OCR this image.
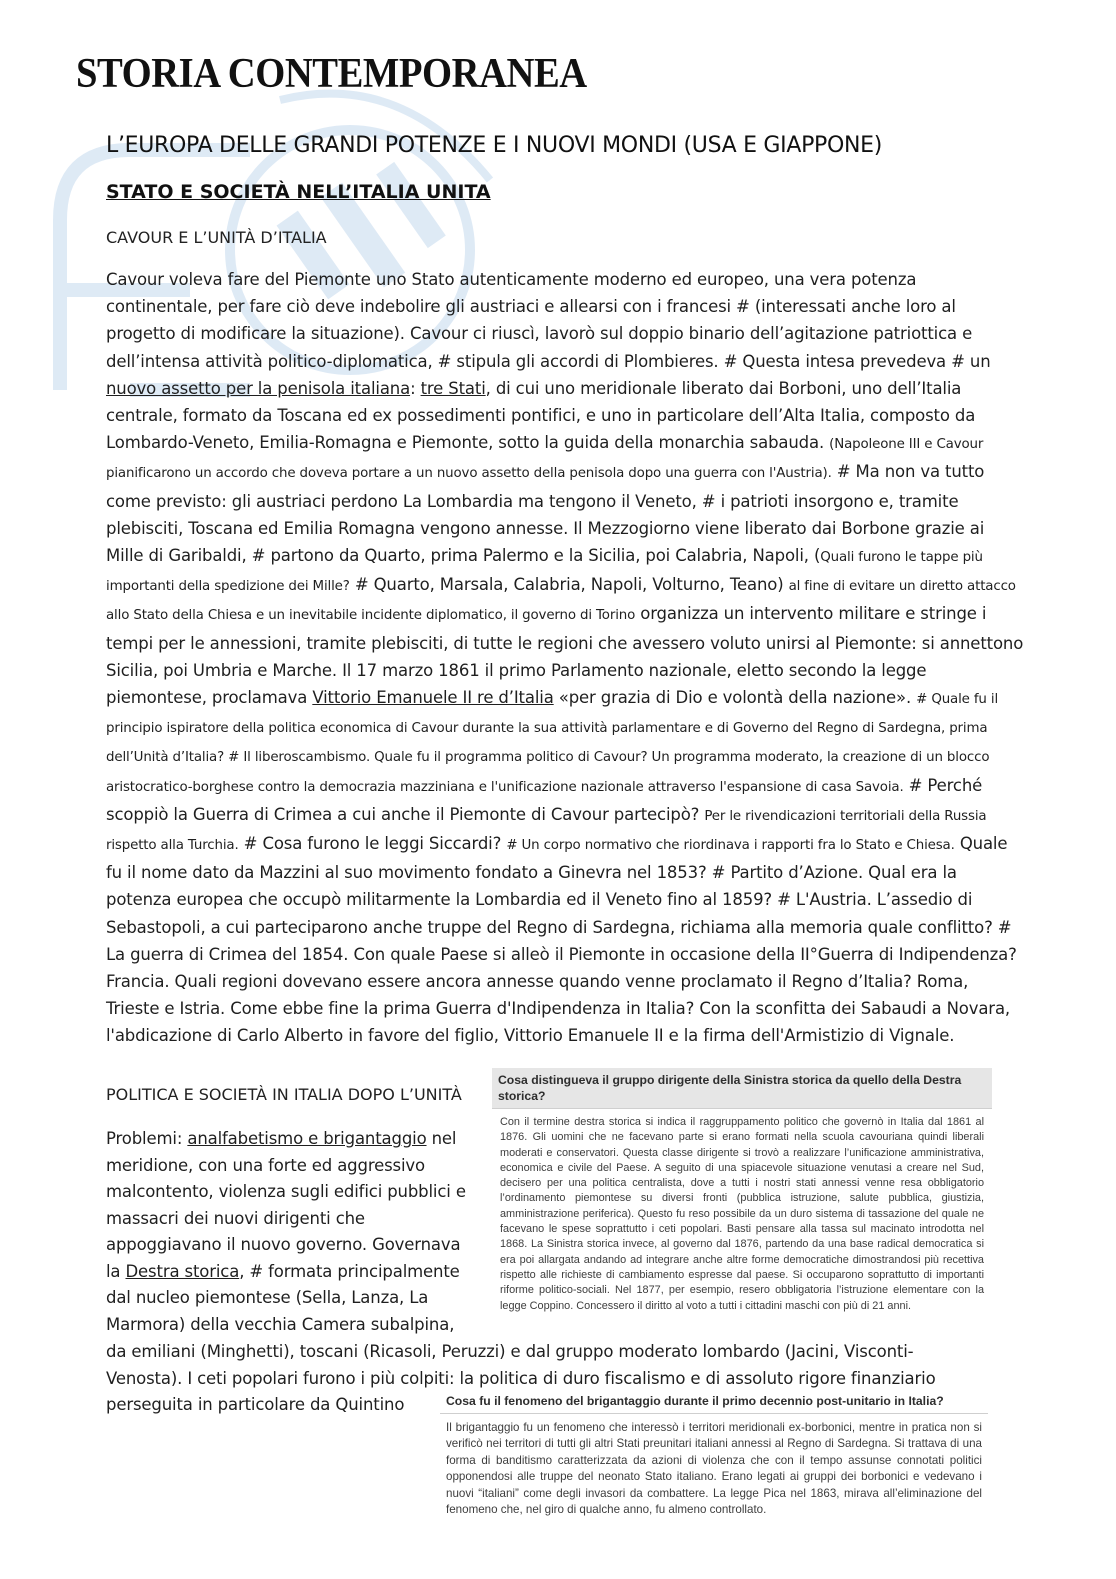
STORIA CONTEMPORANEA
L’EUROPA DELLE GRANDI POTENZE E I NUOVI MONDI (USA E GIAPPONE)
STATO E SOCIETÀ NELL’ITALIA UNITA
CAVOUR E L’UNITÀ D’ITALIA

Cavour voleva fare del Piemonte uno Stato autenticamente moderno ed europeo, una vera potenza continentale, per fare ciò deve indebolire gli austriaci e allearsi con i francesi # (interessati anche loro al progetto di modificare la situazione). Cavour ci riuscì, lavorò sul doppio binario dell’agitazione patriottica e dell’intensa attività politico-diplomatica, # stipula gli accordi di Plombieres. # Questa intesa prevedeva # un nuovo assetto per la penisola italiana: tre Stati, di cui uno meridionale liberato dai Borboni, uno dell’Italia centrale, formato da Toscana ed ex possedimenti pontifici, e uno in particolare dell’Alta Italia, composto da Lombardo-Veneto, Emilia-Romagna e Piemonte, sotto la guida della monarchia sabauda. (Napoleone III e Cavour pianificarono un accordo che doveva portare a un nuovo assetto della penisola dopo una guerra con l'Austria). # Ma non va tutto come previsto: gli austriaci perdono La Lombardia ma tengono il Veneto, # i patrioti insorgono e, tramite plebisciti, Toscana ed Emilia Romagna vengono annesse. Il Mezzogiorno viene liberato dai Borbone grazie ai Mille di Garibaldi, # partono da Quarto, prima Palermo e la Sicilia, poi Calabria, Napoli, (Quali furono le tappe più importanti della spedizione dei Mille? # Quarto, Marsala, Calabria, Napoli, Volturno, Teano) al fine di evitare un diretto attacco allo Stato della Chiesa e un inevitabile incidente diplomatico, il governo di Torino organizza un intervento militare e stringe i tempi per le annessioni, tramite plebisciti, di tutte le regioni che avessero voluto unirsi al Piemonte: si annettono Sicilia, poi Umbria e Marche. Il 17 marzo 1861 il primo Parlamento nazionale, eletto secondo la legge piemontese, proclamava Vittorio Emanuele II re d’Italia «per grazia di Dio e volontà della nazione». # Quale fu il principio ispiratore della politica economica di Cavour durante la sua attività parlamentare e di Governo del Regno di Sardegna, prima dell’Unità d’Italia? # Il liberoscambismo. Quale fu il programma politico di Cavour? Un programma moderato, la creazione di un blocco aristocratico-borghese contro la democrazia mazziniana e l'unificazione nazionale attraverso l'espansione di casa Savoia. # Perché scoppiò la Guerra di Crimea a cui anche il Piemonte di Cavour partecipò? Per le rivendicazioni territoriali della Russia rispetto alla Turchia. # Cosa furono le leggi Siccardi? # Un corpo normativo che riordinava i rapporti fra lo Stato e Chiesa. Quale fu il nome dato da Mazzini al suo movimento fondato a Ginevra nel 1853? # Partito d’Azione. Qual era la potenza europea che occupò militarmente la Lombardia ed il Veneto fino al 1859? # L'Austria. L’assedio di Sebastopoli, a cui parteciparono anche truppe del Regno di Sardegna, richiama alla memoria quale conflitto? # La guerra di Crimea del 1854. Con quale Paese si alleò il Piemonte in occasione della II°Guerra di Indipendenza? Francia. Quali regioni dovevano essere ancora annesse quando venne proclamato il Regno d’Italia? Roma, Trieste e Istria. Come ebbe fine la prima Guerra d'Indipendenza in Italia? Con la sconfitta dei Sabaudi a Novara, l'abdicazione di Carlo Alberto in favore del figlio, Vittorio Emanuele II e la firma dell'Armistizio di Vignale.

POLITICA E SOCIETÀ IN ITALIA DOPO L’UNITÀ

Problemi: analfabetismo e brigantaggio nel meridione, con una forte ed aggressivo malcontento, violenza sugli edifici pubblici e massacri dei nuovi dirigenti che appoggiavano il nuovo governo. Governava la Destra storica, # formata principalmente dal nucleo piemontese (Sella, Lanza, La Marmora) della vecchia Camera subalpina,

da emiliani (Minghetti), toscani (Ricasoli, Peruzzi) e dal gruppo moderato lombardo (Jacini, Visconti-Venosta). I ceti popolari furono i più colpiti: la politica di duro fiscalismo e di assoluto rigore finanziario perseguita in particolare da Quintino

Cosa distingueva il gruppo dirigente della Sinistra storica da quello della Destra storica?

Con il termine destra storica si indica il raggruppamento politico che governò in Italia dal 1861 al 1876. Gli uomini che ne facevano parte si erano formati nella scuola cavouriana quindi liberali moderati e conservatori. Questa classe dirigente si trovò a realizzare l’unificazione amministrativa, economica e civile del Paese. A seguito di una spiacevole situazione venutasi a creare nel Sud, decisero per una politica centralista, dove a tutti i nostri stati annessi venne resa obbligatorio l’ordinamento piemontese su diversi fronti (pubblica istruzione, salute pubblica, giustizia, amministrazione periferica). Questo fu reso possibile da un duro sistema di tassazione del quale ne facevano le spese soprattutto i ceti popolari. Basti pensare alla tassa sul macinato introdotta nel 1868. La Sinistra storica invece, al governo dal 1876, partendo da una base radical democratica si era poi allargata andando ad integrare anche altre forme democratiche dimostrandosi più recettiva rispetto alle richieste di cambiamento espresse dal paese. Si occuparono soprattutto di importanti riforme politico-sociali. Nel 1877, per esempio, resero obbligatoria l’istruzione elementare con la legge Coppino. Concessero il diritto al voto a tutti i cittadini maschi con più di 21 anni.

Cosa fu il fenomeno del brigantaggio durante il primo decennio post-unitario in Italia?

Il brigantaggio fu un fenomeno che interessò i territori meridionali ex-borbonici, mentre in pratica non si verificò nei territori di tutti gli altri Stati preunitari italiani annessi al Regno di Sardegna. Si trattava di una forma di banditismo caratterizzata da azioni di violenza che con il tempo assunse connotati politici opponendosi alle truppe del neonato Stato italiano. Erano legati ai gruppi dei borbonici e vedevano i nuovi “italiani” come degli invasori da combattere. La legge Pica nel 1863, mirava all’eliminazione del fenomeno che, nel giro di qualche anno, fu almeno controllato.
